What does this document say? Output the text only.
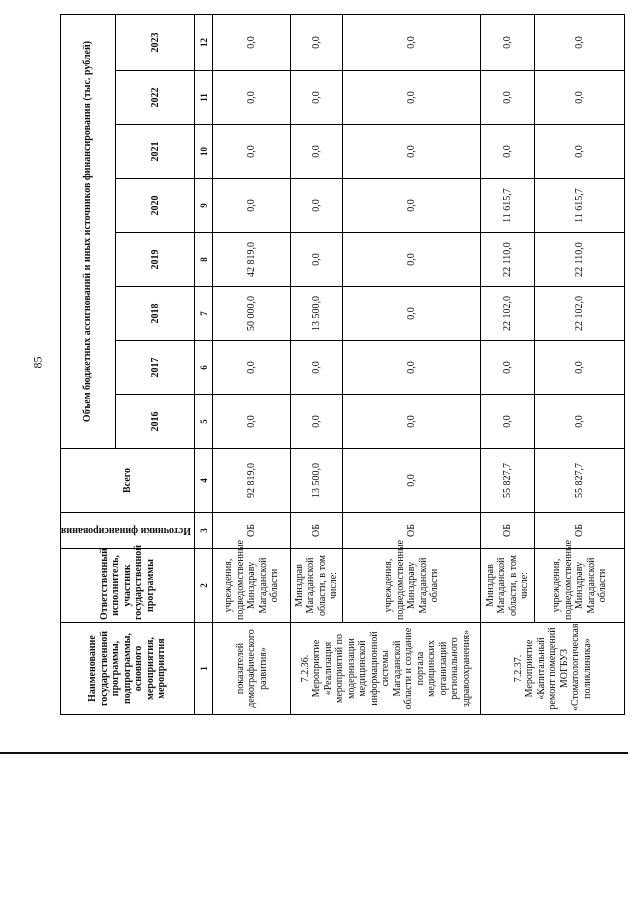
85
Наименование государственной программы, подпрограммы, основного мероприятия, мероприятия	Ответственный исполнитель, участник государственной программы	Источники финансирования	Всего	Объем бюджетных ассигнований и иных источников финансирования (тыс. рублей)							
				2016	2017	2018	2019	2020	2021	2022	2023
1	2	3	4	5	6	7	8	9	10	11	12
показателей демографического развития»	учреждения, подведомственные Минздраву Магаданской области	ОБ	92 819,0	0,0	0,0	50 000,0	42 819,0	0,0	0,0	0,0	0,0
7.2.36. Мероприятие «Реализация мероприятий по модернизации медицинской информационной системы Магаданской области и создание портала медицинских организаций регионального здравоохранения»	Минздрав Магаданской области, в том числе:	ОБ	13 500,0	0,0	0,0	13 500,0	0,0	0,0	0,0	0,0	0,0
	учреждения, подведомственные Минздраву Магаданской области	ОБ	0,0	0,0	0,0	0,0	0,0	0,0	0,0	0,0	0,0
7.2.37. Мероприятие «Капитальный ремонт помещений МОГБУЗ «Стоматологическая поликлиника»	Минздрав Магаданской области, в том числе:	ОБ	55 827,7	0,0	0,0	22 102,0	22 110,0	11 615,7	0,0	0,0	0,0
	учреждения, подведомственные Минздраву Магаданской области	ОБ	55 827,7	0,0	0,0	22 102,0	22 110,0	11 615,7	0,0	0,0	0,0
